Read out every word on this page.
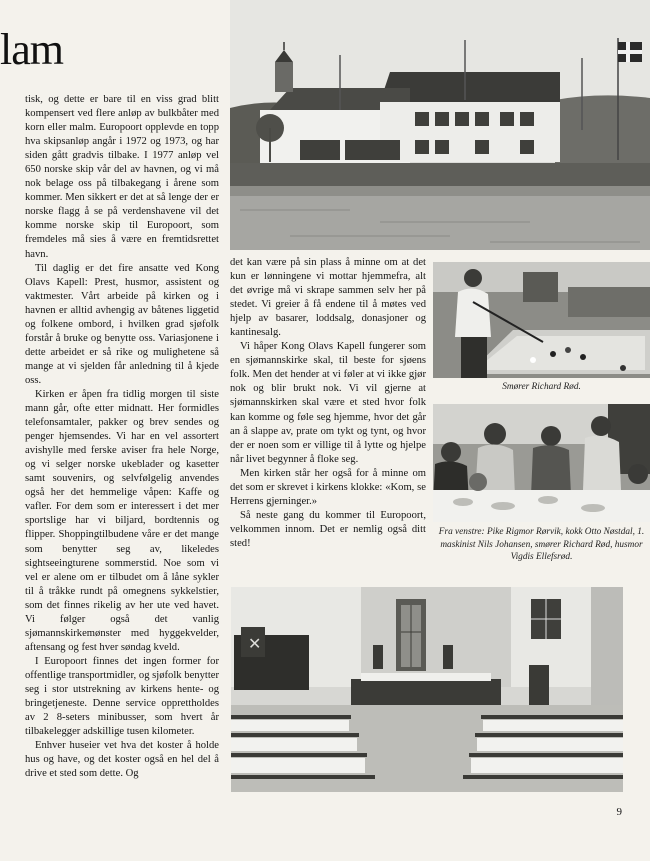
lam

tisk, og dette er bare til en viss grad blitt kompensert ved flere anløp av bulkbåter med korn eller malm. Europoort opplevde en topp hva skipsanløp angår i 1972 og 1973, og har siden gått gradvis tilbake. I 1977 anløp vel 650 norske skip vår del av havnen, og vi må nok belage oss på tilbakegang i årene som kommer. Men sikkert er det at så lenge der er norske flagg å se på verdenshavene vil det komme norske skip til Europoort, som fremdeles må sies å være en fremtidsrettet havn.

Til daglig er det fire ansatte ved Kong Olavs Kapell: Prest, husmor, assistent og vaktmester. Vårt arbeide på kirken og i havnen er alltid avhengig av båtenes liggetid og folkene ombord, i hvilken grad sjøfolk forstår å bruke og benytte oss. Variasjonene i dette arbeidet er så rike og mulighetene så mange at vi sjelden får anledning til å kjede oss.

Kirken er åpen fra tidlig morgen til siste mann går, ofte etter midnatt. Her formidles telefonsamtaler, pakker og brev sendes og penger hjemsendes. Vi har en vel assortert avishylle med ferske aviser fra hele Norge, og vi selger norske ukeblader og kasetter samt souvenirs, og selvfølgelig anvendes også her det hemmelige våpen: Kaffe og vafler. For dem som er interessert i det mer sportslige har vi biljard, bordtennis og flipper. Shoppingtilbudene våre er det mange som benytter seg av, likeledes sightseeingturene sommerstid. Noe som vi vel er alene om er tilbudet om å låne sykler til å tråkke rundt på omegnens sykkelstier, som det finnes rikelig av her ute ved havet. Vi følger også det vanlig sjømannskirkemønster med hyggekvelder, aftensang og fest hver søndag kveld.

I Europoort finnes det ingen former for offentlige transportmidler, og sjøfolk benytter seg i stor utstrekning av kirkens hente- og bringetjeneste. Denne service opprettholdes av 2 8-seters minibusser, som hvert år tilbakelegger adskillige tusen kilometer.

Enhver huseier vet hva det koster å holde hus og have, og det koster også en hel del å drive et sted som dette. Og

det kan være på sin plass å minne om at det kun er lønningene vi mottar hjemmefra, alt det øvrige må vi skrape sammen selv her på stedet. Vi greier å få endene til å møtes ved hjelp av basarer, loddsalg, donasjoner og kantinesalg.

Vi håper Kong Olavs Kapell fungerer som en sjømannskirke skal, til beste for sjøens folk. Men det hender at vi føler at vi ikke gjør nok og blir brukt nok. Vi vil gjerne at sjømannskirken skal være et sted hvor folk kan komme og føle seg hjemme, hvor det går an å slappe av, prate om tykt og tynt, og hvor der er noen som er villige til å lytte og hjelpe når livet begynner å floke seg.

Men kirken står her også for å minne om det som er skrevet i kirkens klokke: «Kom, se Herrens gjerninger.»

Så neste gang du kommer til Europoort, velkommen innom. Det er nemlig også ditt sted!

Smører Richard Rød.
Fra venstre: Pike Rigmor Rørvik, kokk Otto Nøstdal, 1. maskinist Nils Johansen, smører Richard Rød, husmor Vigdis Ellefsrød.
✕
9
